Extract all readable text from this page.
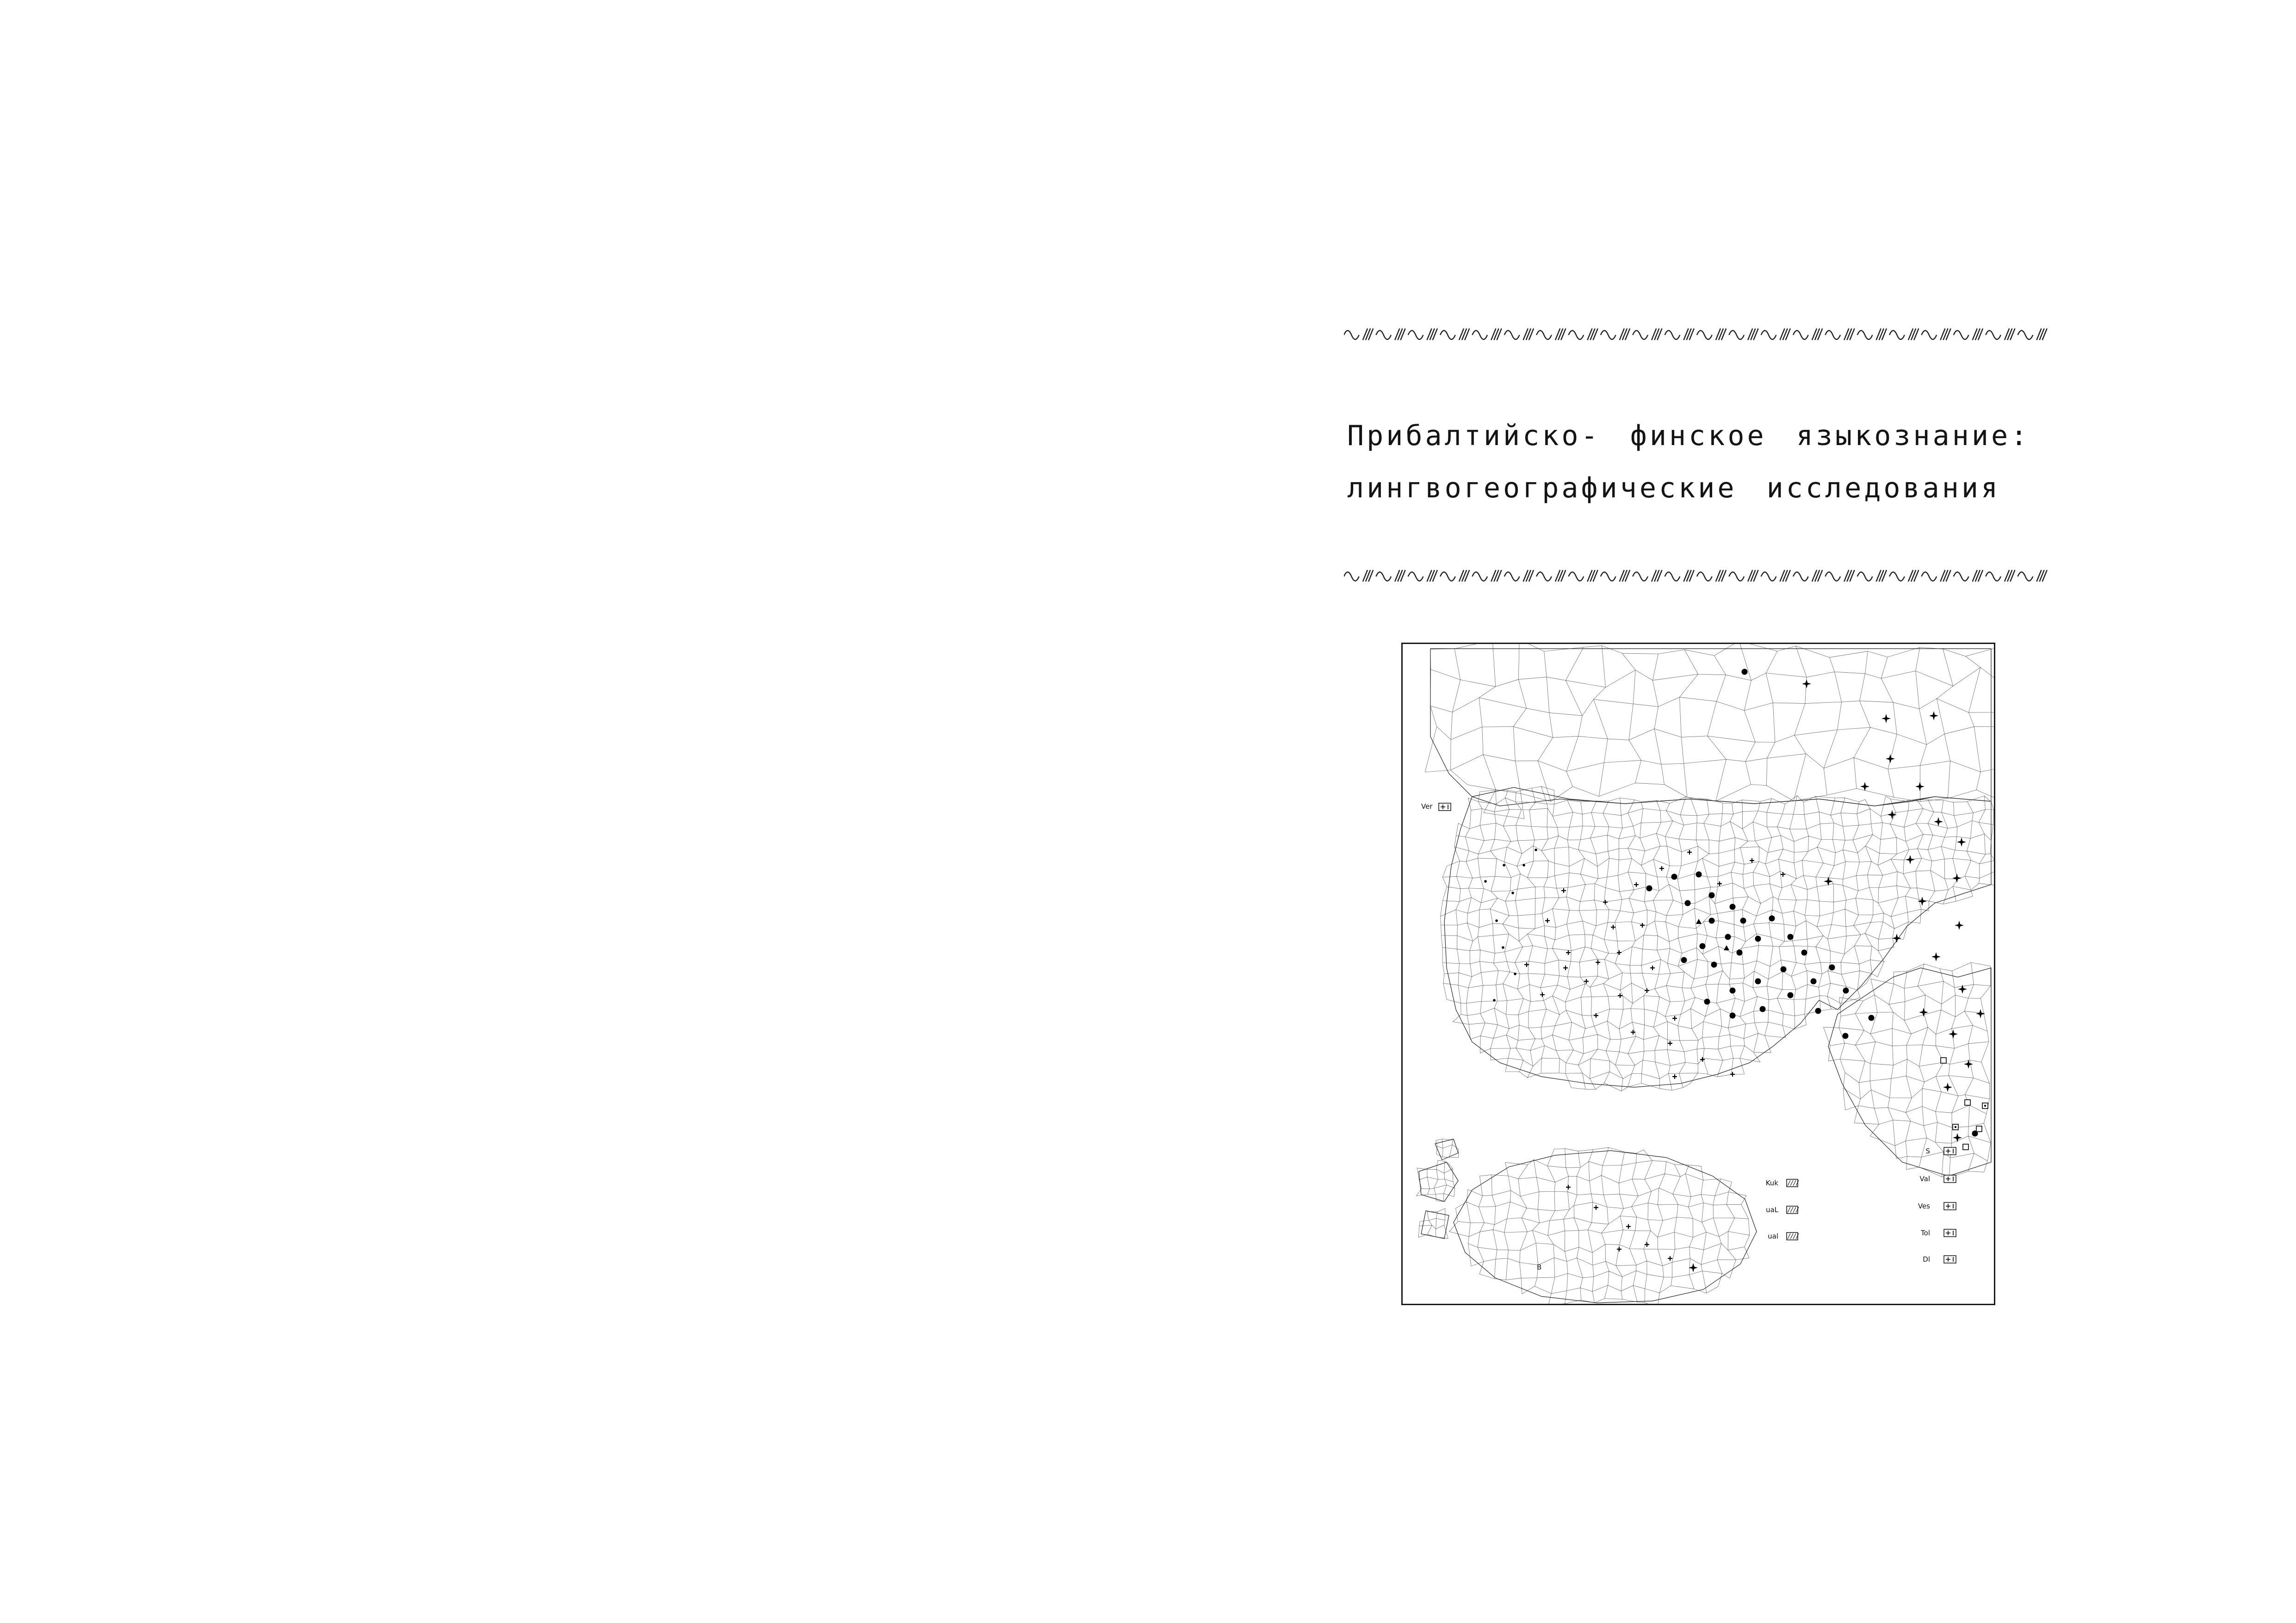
Прибалтийско- финское языкознание:
лингвогеографические исследования
Ver
B
Kuk
uaL
ual
S
Val
Ves
Tol
Dl
